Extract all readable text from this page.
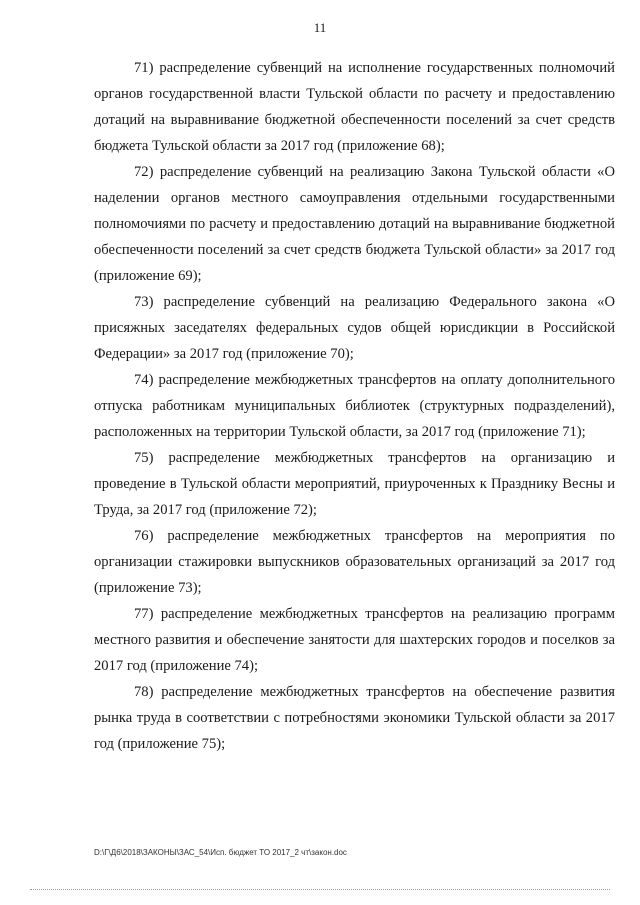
11

71) распределение субвенций на исполнение государственных полномочий органов государственной власти Тульской области по расчету и предоставлению дотаций на выравнивание бюджетной обеспеченности поселений за счет средств бюджета Тульской области за 2017 год (приложение 68);

72) распределение субвенций на реализацию Закона Тульской области «О наделении органов местного самоуправления отдельными государственными полномочиями по расчету и предоставлению дотаций на выравнивание бюджетной обеспеченности поселений за счет средств бюджета Тульской области» за 2017 год (приложение 69);

73) распределение субвенций на реализацию Федерального закона «О присяжных заседателях федеральных судов общей юрисдикции в Российской Федерации» за 2017 год (приложение 70);

74) распределение межбюджетных трансфертов на оплату дополнительного отпуска работникам муниципальных библиотек (структурных подразделений), расположенных на территории Тульской области, за 2017 год (приложение 71);

75) распределение межбюджетных трансфертов на организацию и проведение в Тульской области мероприятий, приуроченных к Празднику Весны и Труда, за 2017 год (приложение 72);

76) распределение межбюджетных трансфертов на мероприятия по организации стажировки выпускников образовательных организаций за 2017 год (приложение 73);

77) распределение межбюджетных трансфертов на реализацию программ местного развития и обеспечение занятости для шахтерских городов и поселков за 2017 год (приложение 74);

78) распределение межбюджетных трансфертов на обеспечение развития рынка труда в соответствии с потребностями экономики Тульской области за 2017 год (приложение 75);

D:\Г\Д6\2018\ЗАКОНЫ\ЗАС_54\Исп. бюджет ТО 2017_2 чт\закон.doc
